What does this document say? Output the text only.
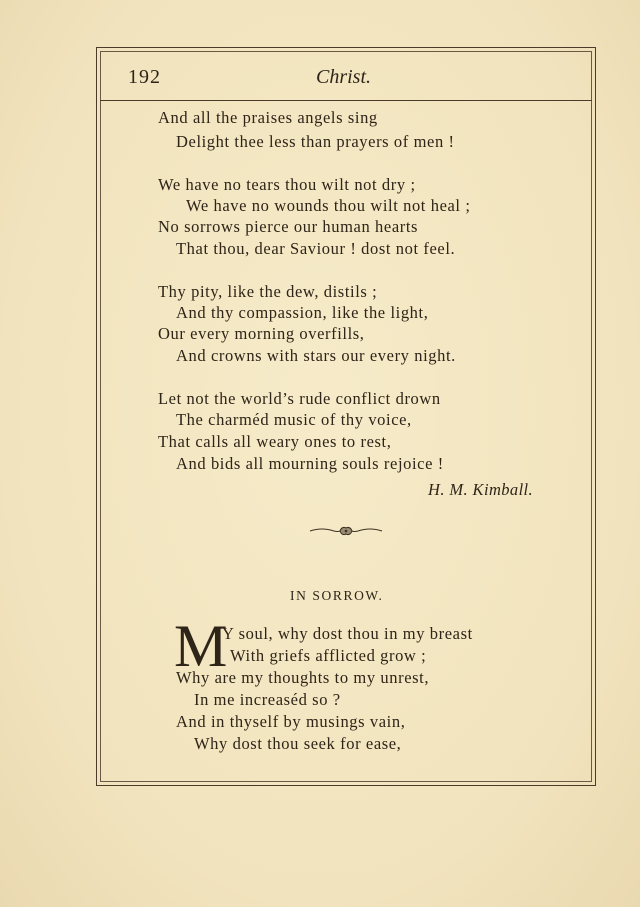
192	Christ.
And all the praises angels sing
Delight thee less than prayers of men !
We have no tears thou wilt not dry ;
We have no wounds thou wilt not heal ;
No sorrows pierce our human hearts
That thou, dear Saviour ! dost not feel.
Thy pity, like the dew, distils ;
And thy compassion, like the light,
Our every morning overfills,
And crowns with stars our every night.
Let not the world’s rude conflict drown
The charméd music of thy voice,
That calls all weary ones to rest,
And bids all mourning souls rejoice !
H. M. Kimball.
IN SORROW.
M
Y soul, why dost thou in my breast
With griefs afflicted grow ;
Why are my thoughts to my unrest,
In me increaséd so ?
And in thyself by musings vain,
Why dost thou seek for ease,
